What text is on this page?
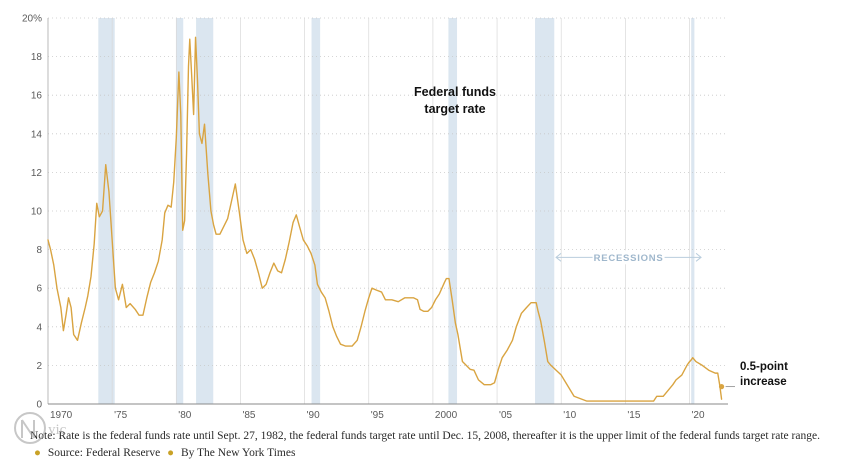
0
2
4
6
8
10
12
14
16
18
20%
1970	'75	'80	'85	'90	'95	2000	'05	'10	'15	'20
RECESSIONS
Federal funds
target rate
0.5-point
increase
Note: Rate is the federal funds rate until Sept. 27, 1982, the federal funds target rate until Dec. 15, 2008, thereafter it is the upper limit of the federal funds target rate range. ● Source: Federal Reserve ● By The New York Times
yic
